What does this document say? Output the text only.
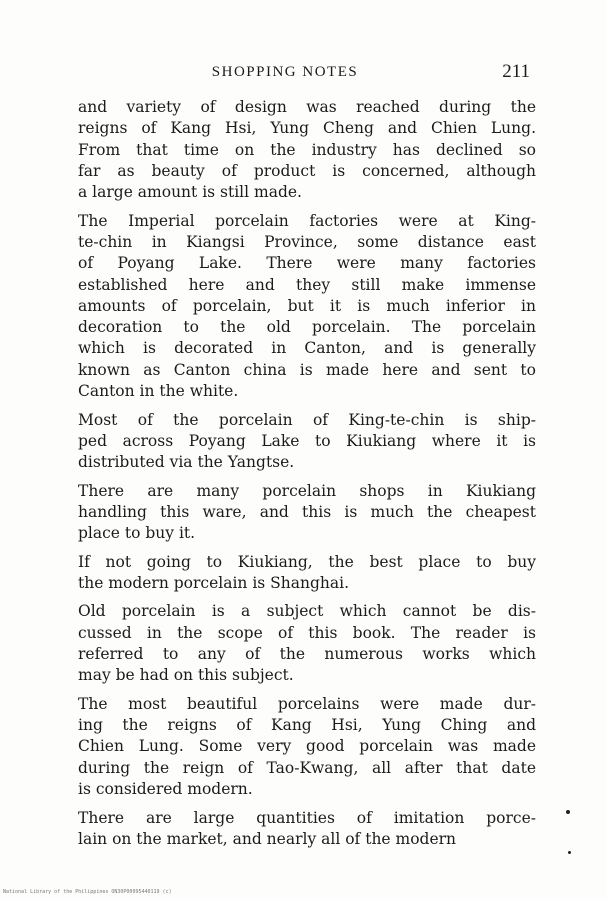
SHOPPING NOTES	211

and variety of design was reached during the
reigns of Kang Hsi, Yung Cheng and Chien Lung.
From that time on the industry has declined so
far as beauty of product is concerned, although
a large amount is still made.

The Imperial porcelain factories were at King-
te-chin in Kiangsi Province, some distance east
of Poyang Lake. There were many factories
established here and they still make immense
amounts of porcelain, but it is much inferior in
decoration to the old porcelain. The porcelain
which is decorated in Canton, and is generally
known as Canton china is made here and sent to
Canton in the white.

Most of the porcelain of King-te-chin is ship-
ped across Poyang Lake to Kiukiang where it is
distributed via the Yangtse.

There are many porcelain shops in Kiukiang
handling this ware, and this is much the cheapest
place to buy it.

If not going to Kiukiang, the best place to buy
the modern porcelain is Shanghai.

Old porcelain is a subject which cannot be dis-
cussed in the scope of this book. The reader is
referred to any of the numerous works which
may be had on this subject.

The most beautiful porcelains were made dur-
ing the reigns of Kang Hsi, Yung Ching and
Chien Lung. Some very good porcelain was made
during the reign of Tao-Kwang, all after that date
is considered modern.

There are large quantities of imitation porce-
lain on the market, and nearly all of the modern

National Library of the Philippines ON30P00095440119 (c)
